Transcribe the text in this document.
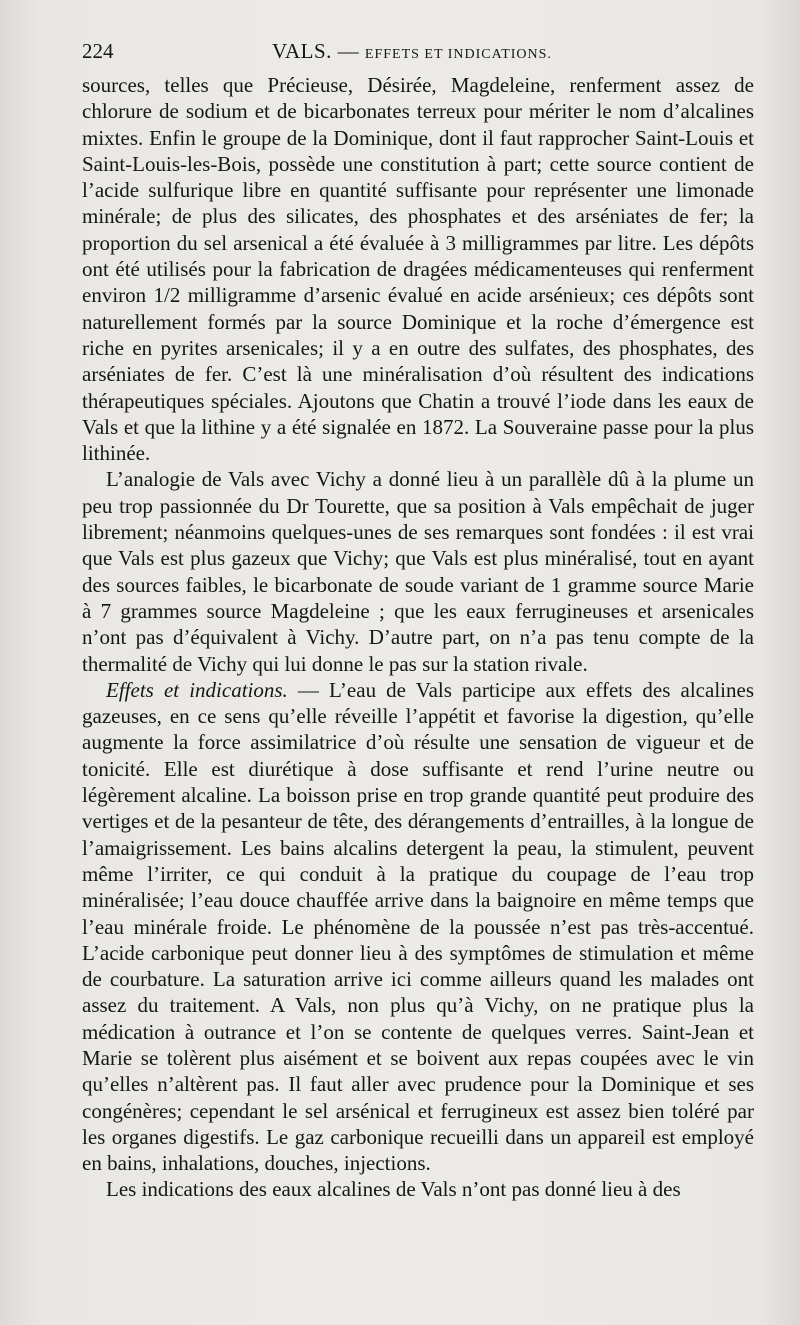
224	VALS. — EFFETS ET INDICATIONS.

sources, telles que Précieuse, Désirée, Magdeleine, renferment assez de chlorure de sodium et de bicarbonates terreux pour mériter le nom d’alcalines mixtes. Enfin le groupe de la Dominique, dont il faut rapprocher Saint-Louis et Saint-Louis-les-Bois, possède une constitution à part; cette source contient de l’acide sulfurique libre en quantité suffisante pour représenter une limonade minérale; de plus des silicates, des phosphates et des arséniates de fer; la proportion du sel arsenical a été évaluée à 3 milligrammes par litre. Les dépôts ont été utilisés pour la fabrication de dragées médicamenteuses qui renferment environ 1/2 milligramme d’arsenic évalué en acide arsénieux; ces dépôts sont naturellement formés par la source Dominique et la roche d’émergence est riche en pyrites arsenicales; il y a en outre des sulfates, des phosphates, des arséniates de fer. C’est là une minéralisation d’où résultent des indications thérapeutiques spéciales. Ajoutons que Chatin a trouvé l’iode dans les eaux de Vals et que la lithine y a été signalée en 1872. La Souveraine passe pour la plus lithinée.

L’analogie de Vals avec Vichy a donné lieu à un parallèle dû à la plume un peu trop passionnée du Dr Tourette, que sa position à Vals empêchait de juger librement; néanmoins quelques-unes de ses remarques sont fondées : il est vrai que Vals est plus gazeux que Vichy; que Vals est plus minéralisé, tout en ayant des sources faibles, le bicarbonate de soude variant de 1 gramme source Marie à 7 grammes source Magdeleine ; que les eaux ferrugineuses et arsenicales n’ont pas d’équivalent à Vichy. D’autre part, on n’a pas tenu compte de la thermalité de Vichy qui lui donne le pas sur la station rivale.

Effets et indications. — L’eau de Vals participe aux effets des alcalines gazeuses, en ce sens qu’elle réveille l’appétit et favorise la digestion, qu’elle augmente la force assimilatrice d’où résulte une sensation de vigueur et de tonicité. Elle est diurétique à dose suffisante et rend l’urine neutre ou légèrement alcaline. La boisson prise en trop grande quantité peut produire des vertiges et de la pesanteur de tête, des dérangements d’entrailles, à la longue de l’amaigrissement. Les bains alcalins detergent la peau, la stimulent, peuvent même l’irriter, ce qui conduit à la pratique du coupage de l’eau trop minéralisée; l’eau douce chauffée arrive dans la baignoire en même temps que l’eau minérale froide. Le phénomène de la poussée n’est pas très-accentué. L’acide carbonique peut donner lieu à des symptômes de stimulation et même de courbature. La saturation arrive ici comme ailleurs quand les malades ont assez du traitement. A Vals, non plus qu’à Vichy, on ne pratique plus la médication à outrance et l’on se contente de quelques verres. Saint-Jean et Marie se tolèrent plus aisément et se boivent aux repas coupées avec le vin qu’elles n’altèrent pas. Il faut aller avec prudence pour la Dominique et ses congénères; cependant le sel arsénical et ferrugineux est assez bien toléré par les organes digestifs. Le gaz carbonique recueilli dans un appareil est employé en bains, inhalations, douches, injections.

Les indications des eaux alcalines de Vals n’ont pas donné lieu à des
